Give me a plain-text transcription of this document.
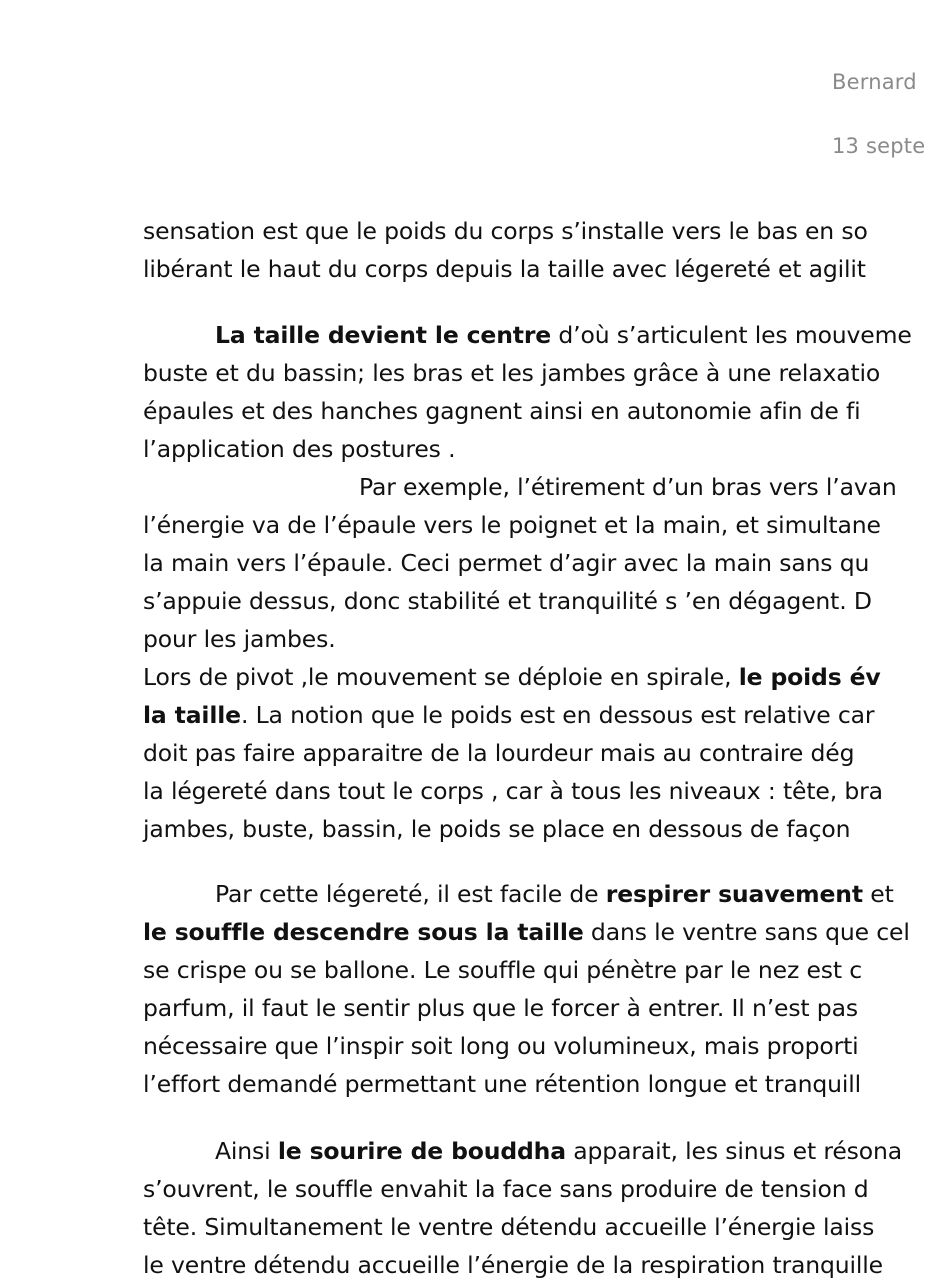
Bernard
13 septe
sensation est que le poids du corps s’installe vers le bas en so
libérant le haut du corps depuis la taille avec légereté et agilit
La taille devient le centre d’où s’articulent les mouveme
buste et du bassin; les bras et les jambes grâce à une relaxatio
épaules et des hanches gagnent ainsi en autonomie afin de fi
l’application des postures .
Par exemple, l’étirement d’un bras vers l’avan
l’énergie va de l’épaule vers le poignet et la main, et simultane
la main vers l’épaule. Ceci permet d’agir avec la main sans qu
s’appuie dessus, donc stabilité et tranquilité s ’en dégagent. D
pour les jambes.
Lors de pivot ,le mouvement se déploie en spirale, le poids év
la taille. La notion que le poids est en dessous est relative car
doit pas faire apparaitre de la lourdeur mais au contraire dég
la légereté dans tout le corps , car à tous les niveaux : tête, bra
jambes, buste, bassin, le poids se place en dessous de façon
Par cette légereté, il est facile de respirer suavement et
le souffle descendre sous la taille dans le ventre sans que cel
se crispe ou se ballone. Le souffle qui pénètre par le nez est c
parfum, il faut le sentir plus que le forcer à entrer. Il n’est pas
nécessaire que l’inspir soit long ou volumineux, mais proporti
l’effort demandé permettant une rétention longue et tranquill
Ainsi le sourire de bouddha apparait, les sinus et résona
s’ouvrent, le souffle envahit la face sans produire de tension d
tête. Simultanement le ventre détendu accueille l’énergie laiss
le ventre détendu accueille l’énergie de la respiration tranquille
